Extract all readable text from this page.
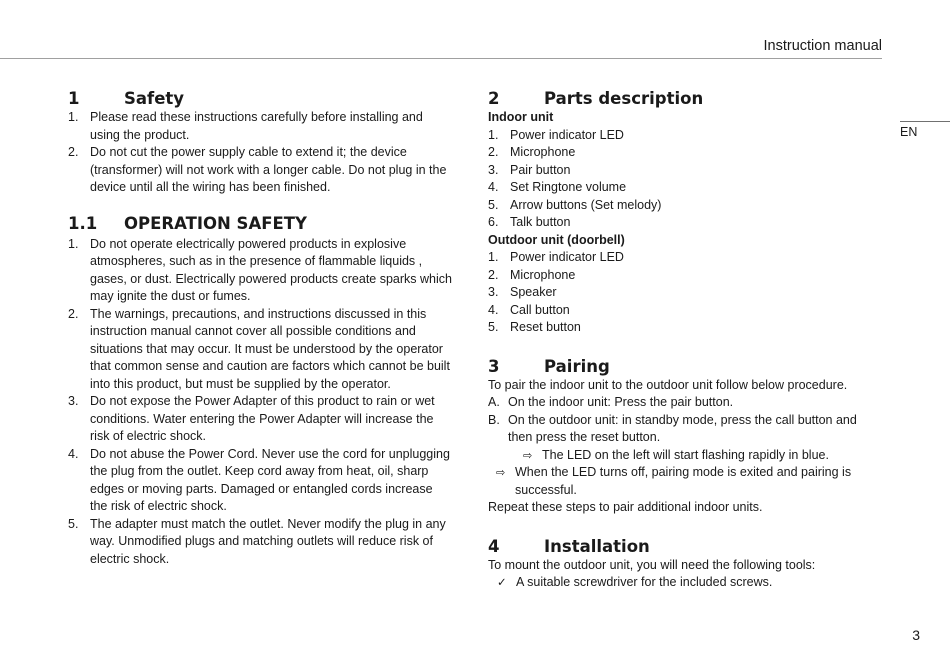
Instruction manual
EN
3
1	Safety
1. Please read these instructions carefully before installing and
using the product.
2. Do not cut the power supply cable to extend it; the device
(transformer) will not work with a longer cable. Do not plug in the
device until all the wiring has been finished.
1.1	OPERATION SAFETY
1. Do not operate electrically powered products in explosive
atmospheres, such as in the presence of flammable liquids ,
gases, or dust. Electrically powered products create sparks which
may ignite the dust or fumes.
2. The warnings, precautions, and instructions discussed in this
instruction manual cannot cover all possible conditions and
situations that may occur. It must be understood by the operator
that common sense and caution are factors which cannot be built
into this product, but must be supplied by the operator.
3. Do not expose the Power Adapter of this product to rain or wet
conditions. Water entering the Power Adapter will increase the
risk of electric shock.
4. Do not abuse the Power Cord. Never use the cord for unplugging
the plug from the outlet. Keep cord away from heat, oil, sharp
edges or moving parts. Damaged or entangled cords increase
the risk of electric shock.
5. The adapter must match the outlet. Never modify the plug in any
way. Unmodified plugs and matching outlets will reduce risk of
electric shock.
2	Parts description
Indoor unit
1. Power indicator LED
2. Microphone
3. Pair button
4. Set Ringtone volume
5. Arrow buttons (Set melody)
6. Talk button
Outdoor unit (doorbell)
1. Power indicator LED
2. Microphone
3. Speaker
4. Call button
5. Reset button
3	Pairing
To pair the indoor unit to the outdoor unit follow below procedure.
A. On the indoor unit: Press the pair button.
B. On the outdoor unit: in standby mode, press the call button and
then press the reset button.
⇨ The LED on the left will start flashing rapidly in blue.
⇨ When the LED turns off, pairing mode is exited and pairing is
successful.
Repeat these steps to pair additional indoor units.
4	Installation
To mount the outdoor unit, you will need the following tools:
✓ A suitable screwdriver for the included screws.
